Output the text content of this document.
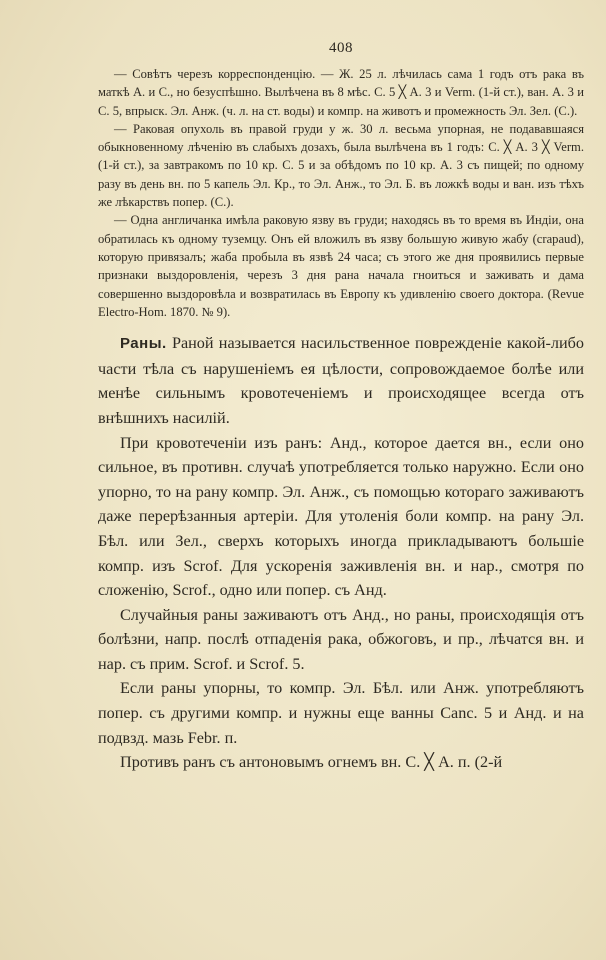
408

— Совѣтъ черезъ корреспонденцію. — Ж. 25 л. лѣчилась сама 1 годъ отъ рака въ маткѣ А. и С., но безуспѣшно. Вылѣчена въ 8 мѣс. С. 5 ╳ А. 3 и Verm. (1-й ст.), ван. А. 3 и С. 5, впрыск. Эл. Анж. (ч. л. на ст. воды) и компр. на животъ и промежность Эл. Зел. (С.).

— Раковая опухоль въ правой груди у ж. 30 л. весьма упорная, не подававшаяся обыкновенному лѣченію въ слабыхъ дозахъ, была вылѣчена въ 1 годъ: С. ╳ А. 3 ╳ Verm. (1-й ст.), за завтракомъ по 10 кр. С. 5 и за обѣдомъ по 10 кр. А. 3 съ пищей; по одному разу въ день вн. по 5 капель Эл. Кр., то Эл. Анж., то Эл. Б. въ ложкѣ воды и ван. изъ тѣхъ же лѣкарствъ попер. (С.).

— Одна англичанка имѣла раковую язву въ груди; находясь въ то время въ Индіи, она обратилась къ одному туземцу. Онъ ей вложилъ въ язву большую живую жабу (crapaud), которую привязалъ; жаба пробыла въ язвѣ 24 часа; съ этого же дня проявились первые признаки выздоровленія, черезъ 3 дня рана начала гноиться и заживать и дама совершенно выздоровѣла и возвратилась въ Европу къ удивленію своего доктора. (Revue Electro-Hom. 1870. № 9).

Раны. Раной называется насильственное поврежденіе какой-либо части тѣла съ нарушеніемъ ея цѣлости, сопровождаемое болѣе или менѣе сильнымъ кровотеченіемъ и происходящее всегда отъ внѣшнихъ насилій.

При кровотеченіи изъ ранъ: Анд., которое дается вн., если оно сильное, въ противн. случаѣ употребляется только наружно. Если оно упорно, то на рану компр. Эл. Анж., съ помощью котораго заживаютъ даже перерѣзанныя артеріи. Для утоленія боли компр. на рану Эл. Бѣл. или Зел., сверхъ которыхъ иногда прикладываютъ большіе компр. изъ Scrof. Для ускоренія заживленія вн. и нар., смотря по сложенію, Scrof., одно или попер. съ Анд.

Случайныя раны заживаютъ отъ Анд., но раны, происходящія отъ болѣзни, напр. послѣ отпаденія рака, обжоговъ, и пр., лѣчатся вн. и нар. съ прим. Scrof. и Scrof. 5.

Если раны упорны, то компр. Эл. Бѣл. или Анж. употребляютъ попер. съ другими компр. и нужны еще ванны Canc. 5 и Анд. и на подвзд. мазь Febr. п.

Противъ ранъ съ антоновымъ огнемъ вн. С. ╳ А. п. (2-й
